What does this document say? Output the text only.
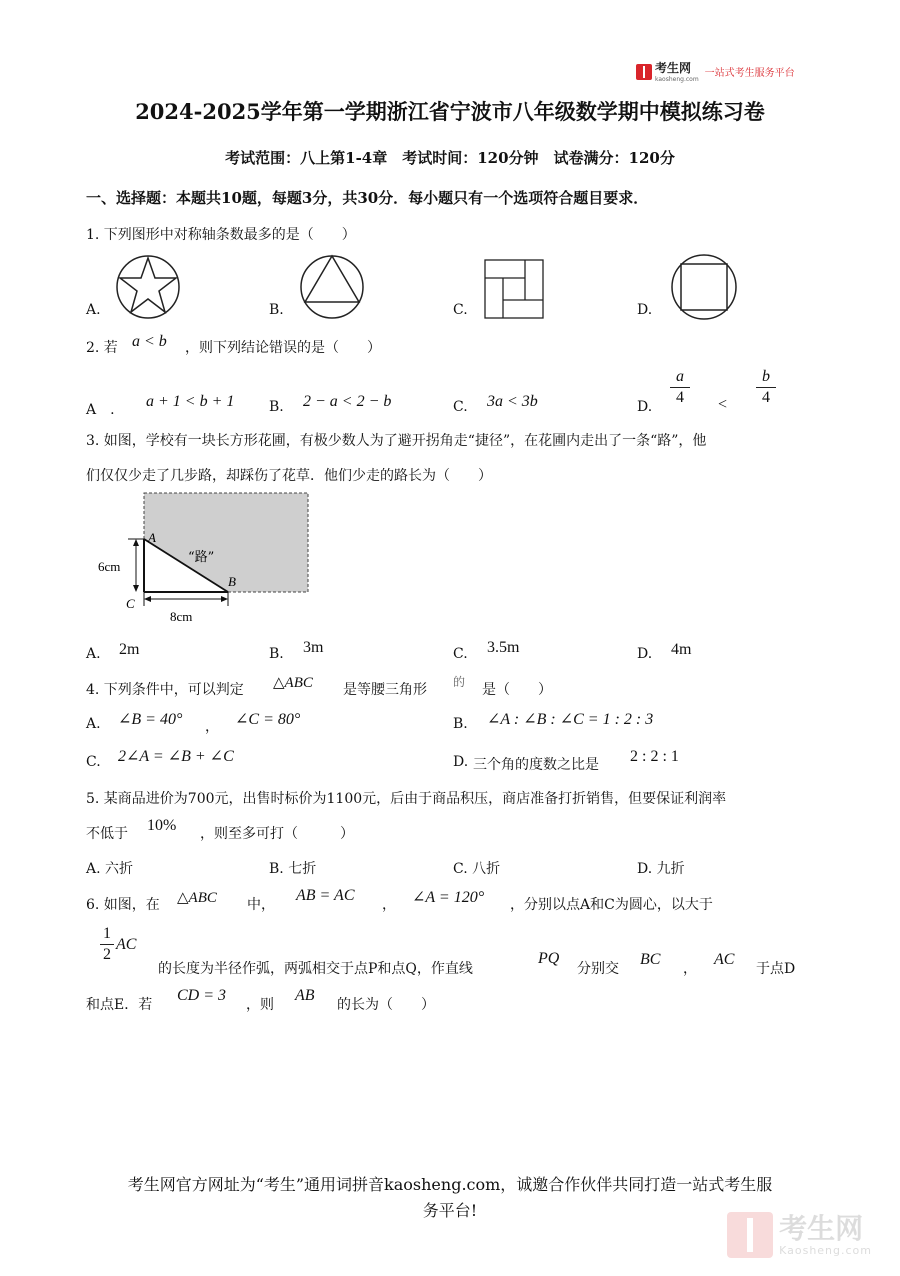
考生网
kaosheng.com
一站式考生服务平台
2024-2025学年第一学期浙江省宁波市八年级数学期中模拟练习卷
考试范围：八上第1-4章　考试时间：120分钟　试卷满分：120分
一、选择题：本题共10题，每题3分，共30分．每小题只有一个选项符合题目要求．
1. 下列图形中对称轴条数最多的是（　　）
A.	B.	C.	D.
2. 若 a < b ，则下列结论错误的是（　　）
A　. a + 1 < b + 1 B. 2 − a < 2 − b	C. 3a < 3b	D.
a
4	<
b
4
3. 如图，学校有一块长方形花圃，有极少数人为了避开拐角走“捷径”，在花圃内走出了一条“路”，他
们仅仅少走了几步路，却踩伤了花草．他们少走的路长为（　　）
A
B
C
“路”
6cm
8cm
A. 2m	B. 3m	C. 3.5m	D. 4m
4. 下列条件中，可以判定 △ABC 是等腰三角形 的 是（　　）
A. ∠B = 40° ， ∠C = 80°	B. ∠A : ∠B : ∠C = 1 : 2 : 3
C. 2∠A = ∠B + ∠C	D. 三个角的度数之比是 2 : 2 : 1
5. 某商品进价为700元，出售时标价为1100元，后由于商品积压，商店准备打折销售，但要保证利润率
不低于 10% ，则至多可打（　　　）
A. 六折	B. 七折	C. 八折	D. 九折
6. 如图，在 △ABC 中，
AB = AC
， ∠A = 120° ，分别以点A和C为圆心，以大于
1
2
AC
的长度为半径作弧，两弧相交于点P和点Q，作直线
PQ
分别交
BC
，
AC
于点D
和点E．若
CD = 3
，则
AB
的长为（　　）
考生网官方网址为“考生”通用词拼音kaosheng.com，诚邀合作伙伴共同打造一站式考生服
务平台!
考生网
Kaosheng.com
